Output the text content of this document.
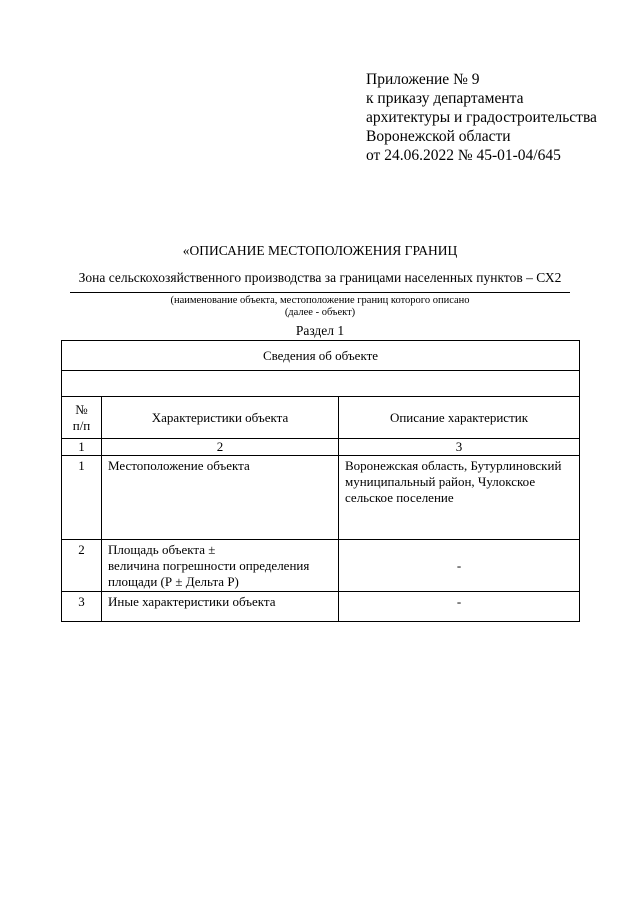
Приложение № 9
к приказу департамента
архитектуры и градостроительства
Воронежской области
от 24.06.2022 № 45-01-04/645
«ОПИСАНИЕ МЕСТОПОЛОЖЕНИЯ ГРАНИЦ
Зона сельскохозяйственного производства за границами населенных пунктов – СХ2
(наименование объекта, местоположение границ которого описано
(далее - объект)
Раздел 1
Сведения об объекте		

№
п/п	Характеристики объекта	Описание характеристик
1	2	3
1	Местоположение объекта	Воронежская область, Бутурлиновский
муниципальный район, Чулокское
сельское поселение

2	Площадь объекта ±
величина погрешности определения
площади (Р ± Дельта Р)	-

3	Иные характеристики объекта	-
